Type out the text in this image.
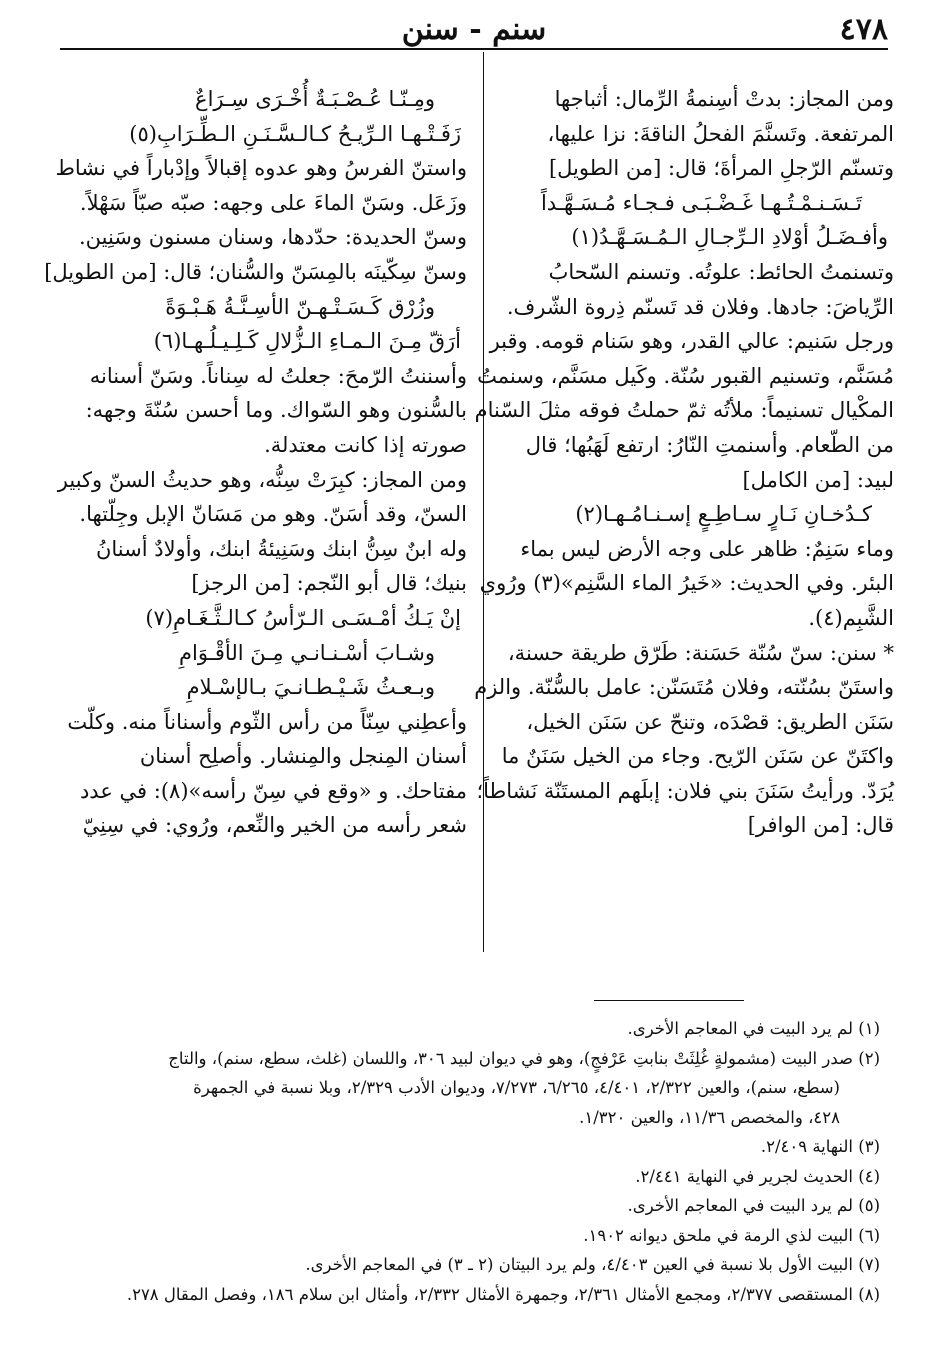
٤٧٨
سنم - سنن
ومن المجاز: بدتْ أسِنمةُ الرِّمال: أثباجها
المرتفعة. وتَسنَّمَ الفحلُ الناقةَ: نزا عليها،
وتسنّم الرّجلِ المرأةَ؛ قال: [من الطويل]
تَـسَـنـمْـتُـهـا غَـضْـبَـى فـجـاء مُـسَـهَّـداً
وأفـضَـلُ أوْلادِ الـرِّجـالِ الـمُـسَـهَّـدُ(١)
وتسنمتُ الحائط: علوتُه. وتسنم السّحابُ
الرِّياضَ: جادها. وفلان قد تَسنّم ذِروة الشّرف.
ورجل سَنيم: عالي القدر، وهو سَنام قومه. وقبر
مُسَنَّم، وتسنيم القبور سُنّة. وكَيل مسَنَّم، وسنمتُ
المكْيال تسنيماً: ملأتُه ثمّ حملتُ فوقه مثلَ السّنام
من الطّعام. وأسنمتِ النّارُ: ارتفع لَهَبُها؛ قال
لبيد: [من الكامل]
كـدُخـانِ نَـارٍ سـاطِـعٍ إسـنـامُـهـا(٢)
وماء سَنِمٌ: ظاهر على وجه الأرض ليس بماء
البئر. وفي الحديث: «خَيرُ الماء السَّنِم»(٣) ورُوي
الشَّبِم(٤).
* سنن: سنّ سُنّة حَسَنة: طَرّق طريقة حسنة،
واستَنّ بسُنّته، وفلان مُتَسَنّن: عامل بالسُّنّة. والزم
سَنَن الطريق: قصْدَه، وتنحّ عن سَنَن الخيل،
واكتَنّ عن سَنَن الرّيح. وجاء من الخيل سَنَنٌ ما
يُرَدّ. ورأيتُ سَنَنَ بني فلان: إبلَهم المستَنّة نَشاطاً؛
قال: [من الوافر]
ومِـنّـا عُـصْـبَـةٌ أُخْـرَى سِـرَاعٌ
زَفَـتْـهـا الـرِّيـحُ كـالـسَّـنَـنِ الـطِّـرَابِ(٥)
واستنّ الفرسُ وهو عدوه إقبالاً وإدْباراً في نشاط
وزَعَل. وسَنّ الماءَ على وجهه: صبّه صبّاً سَهْلاً.
وسنّ الحديدة: حدّدها، وسنان مسنون وسَنِين.
وسنّ سِكّينَه بالمِسَنّ والسُّنان؛ قال: [من الطويل]
وزُرْق كَـسَـتْـهـنّ الأسِـنَّـةُ هَـبْـوَةً
أرَقّ مِـنَ الـمـاءِ الـزُّلالِ كَـلِـيـلُـهـا(٦)
وأسننتُ الرّمحَ: جعلتُ له سِناناً. وسَنّ أسنانه
بالسُّنون وهو السّواك. وما أحسن سُنّةَ وجهه:
صورته إذا كانت معتدلة.
ومن المجاز: كبِرَتْ سِنُّه، وهو حديثُ السنّ وكبير
السنّ، وقد أسَنّ. وهو من مَسَانّ الإبل وجِلّتها.
وله ابنٌ سِنُّ ابنك وسَنِيئةُ ابنك، وأولادٌ أسنانُ
بنيك؛ قال أبو النّجم: [من الرجز]
إنْ يَـكُ أمْـسَـى الـرّأسُ كـالـثَّـغَـامِ(٧)
وشـابَ أسْـنـانـي مِـنَ الأقْـوَامِ
وبـعـثُ شَـيْـطـانـيَ بـالإسْـلامِ
وأعطِني سِنّاً من رأس الثّوم وأسناناً منه. وكلّت
أسنان المِنجل والمِنشار. وأصلِح أسنان
مفتاحك. و «وقع في سِنّ رأسه»(٨): في عدد
شعر رأسه من الخير والنِّعم، ورُوي: في سِنِيّ
(١) لم يرد البيت في المعاجم الأخرى.
(٢) صدر البيت (مشمولةٍ غُلِثَتْ بنابتِ عَرْفجٍ)، وهو في ديوان لبيد ٣٠٦، واللسان (غلث، سطع، سنم)، والتاج
(سطع، سنم)، والعين ٢/٣٢٢، ٤/٤٠١، ٦/٢٦٥، ٧/٢٧٣، وديوان الأدب ٢/٣٢٩، وبلا نسبة في الجمهرة
٤٢٨، والمخصص ١١/٣٦، والعين ١/٣٢٠.
(٣) النهاية ٢/٤٠٩.
(٤) الحديث لجرير في النهاية ٢/٤٤١.
(٥) لم يرد البيت في المعاجم الأخرى.
(٦) البيت لذي الرمة في ملحق ديوانه ١٩٠٢.
(٧) البيت الأول بلا نسبة في العين ٤/٤٠٣، ولم يرد البيتان (٢ ـ ٣) في المعاجم الأخرى.
(٨) المستقصى ٢/٣٧٧، ومجمع الأمثال ٢/٣٦١، وجمهرة الأمثال ٢/٣٣٢، وأمثال ابن سلام ١٨٦، وفصل المقال ٢٧٨.
